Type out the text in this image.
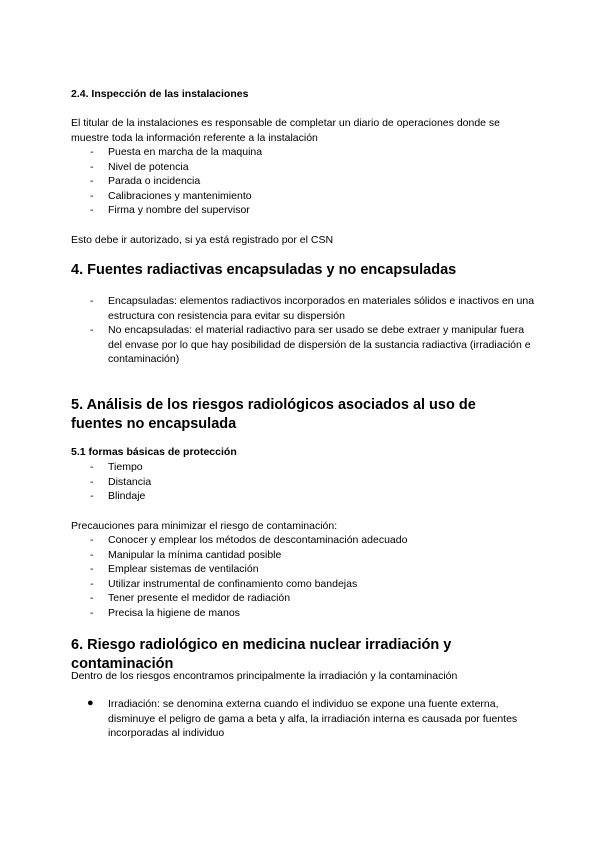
2.4. Inspección de las instalaciones
El titular de la instalaciones es responsable de completar un diario de operaciones donde se muestre toda la información referente a la instalación
- Puesta en marcha de la maquina
- Nivel de potencia
- Parada o incidencia
- Calibraciones y mantenimiento
- Firma y nombre del supervisor
Esto debe ir autorizado, si ya está registrado por el CSN
4. Fuentes radiactivas encapsuladas y no encapsuladas
- Encapsuladas: elementos radiactivos incorporados en materiales sólidos e inactivos en una estructura con resistencia para evitar su dispersión
- No encapsuladas: el material radiactivo para ser usado se debe extraer y manipular fuera del envase por lo que hay posibilidad de dispersión de la sustancia radiactiva (irradiación e contaminación)
5. Análisis de los riesgos radiológicos asociados al uso de fuentes no encapsulada
5.1 formas básicas de protección
- Tiempo
- Distancia
- Blindaje
Precauciones para minimizar el riesgo de contaminación:
- Conocer y emplear los métodos de descontaminación adecuado
- Manipular la mínima cantidad posible
- Emplear sistemas de ventilación
- Utilizar instrumental de confinamiento como bandejas
- Tener presente el medidor de radiación
- Precisa la higiene de manos
6. Riesgo radiológico en medicina nuclear irradiación y contaminación
Dentro de los riesgos encontramos principalmente la irradiación y la contaminación
● Irradiación: se denomina externa cuando el individuo se expone una fuente externa, disminuye el peligro de gama a beta y alfa, la irradiación interna es causada por fuentes incorporadas al individuo
